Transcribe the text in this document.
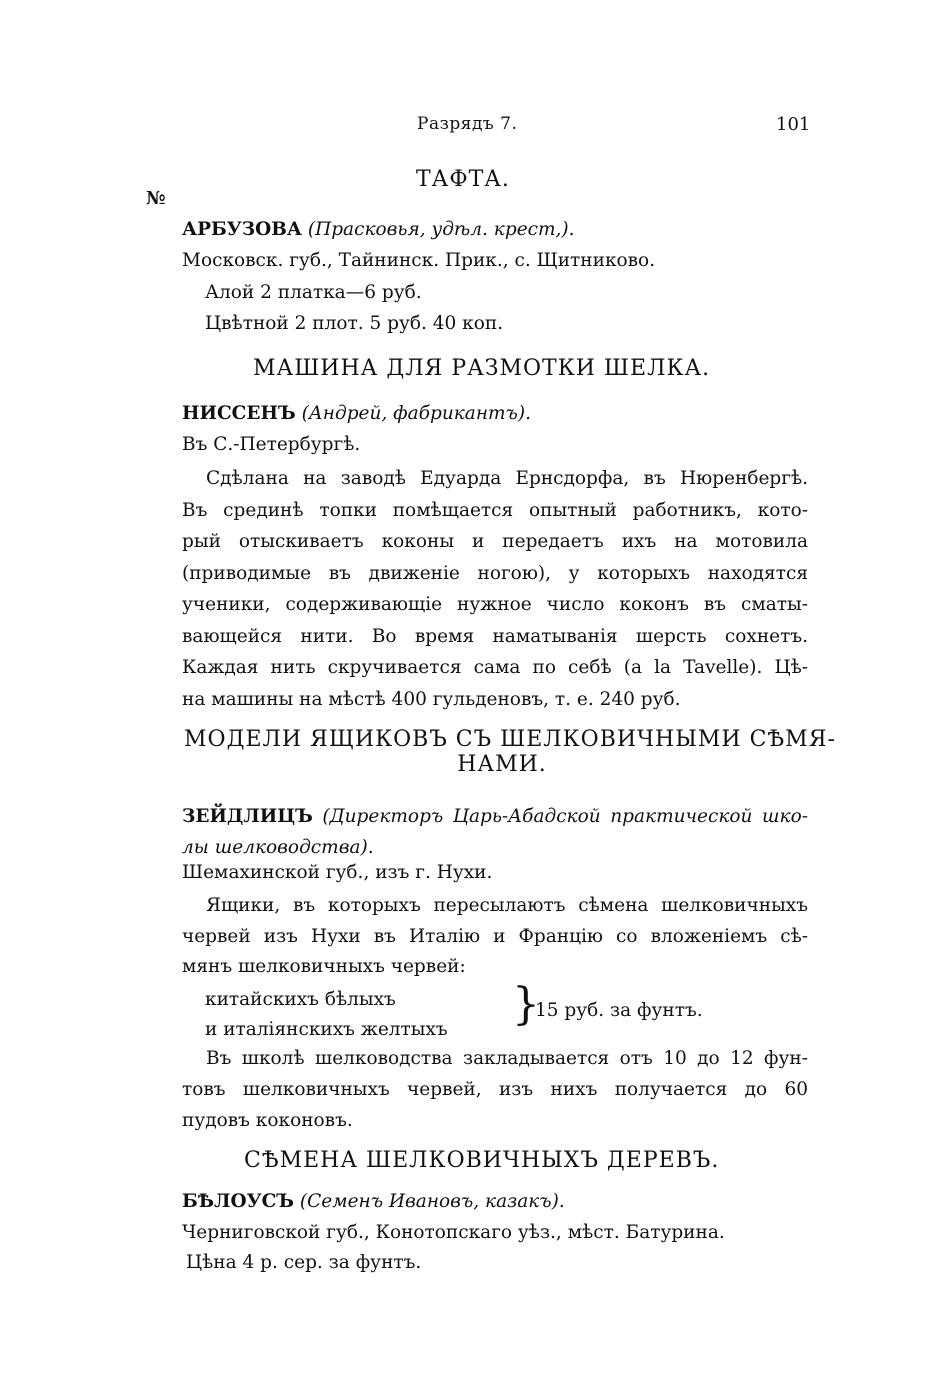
Разрядъ 7.	101
№
ТАФТА.
АРБУЗОВА (Прасковья, удѣл. крест,).
Московск. губ., Тайнинск. Прик., с. Щитниково.
Алой 2 платка—6 руб.
Цвѣтной 2 плот. 5 руб. 40 коп.
МАШИНА ДЛЯ РАЗМОТКИ ШЕЛКА.
НИССЕНЪ (Андрей, фабрикантъ).
Въ С.-Петербургѣ.
Сдѣлана на заводѣ Едуарда Ернсдорфа, въ Нюренбергѣ.
Въ срединѣ топки помѣщается опытный работникъ, кото-
рый отыскиваетъ коконы и передаетъ ихъ на мотовила
(приводимые въ движеніе ногою), у которыхъ находятся
ученики, содерживающіе нужное число коконъ въ сматы-
вающейся нити. Во время наматыванія шерсть сохнетъ.
Каждая нить скручивается сама по себѣ (a la Tavelle). Цѣ-
на машины на мѣстѣ 400 гульденовъ, т. е. 240 руб.
МОДЕЛИ ЯЩИКОВЪ СЪ ШЕЛКОВИЧНЫМИ СѢМЯ-
НАМИ.
ЗЕЙДЛИЦЪ (Директоръ Царь-Абадской практической шко-
лы шелководства).
Шемахинской губ., изъ г. Нухи.
Ящики, въ которыхъ пересылаютъ сѣмена шелковичныхъ
червей изъ Нухи въ Италію и Францію со вложеніемъ сѣ-
мянъ шелковичныхъ червей:
китайскихъ бѣлыхъ
и италіянскихъ желтыхъ }
15 руб. за фунтъ.
Въ школѣ шелководства закладывается отъ 10 до 12 фун-
товъ шелковичныхъ червей, изъ нихъ получается до 60
пудовъ коконовъ.
СѢМЕНА ШЕЛКОВИЧНЫХЪ ДЕРЕВЪ.
БѢЛОУСЪ (Семенъ Ивановъ, казакъ).
Черниговской губ., Конотопскаго уѣз., мѣст. Батурина.
Цѣна 4 р. сер. за фунтъ.
